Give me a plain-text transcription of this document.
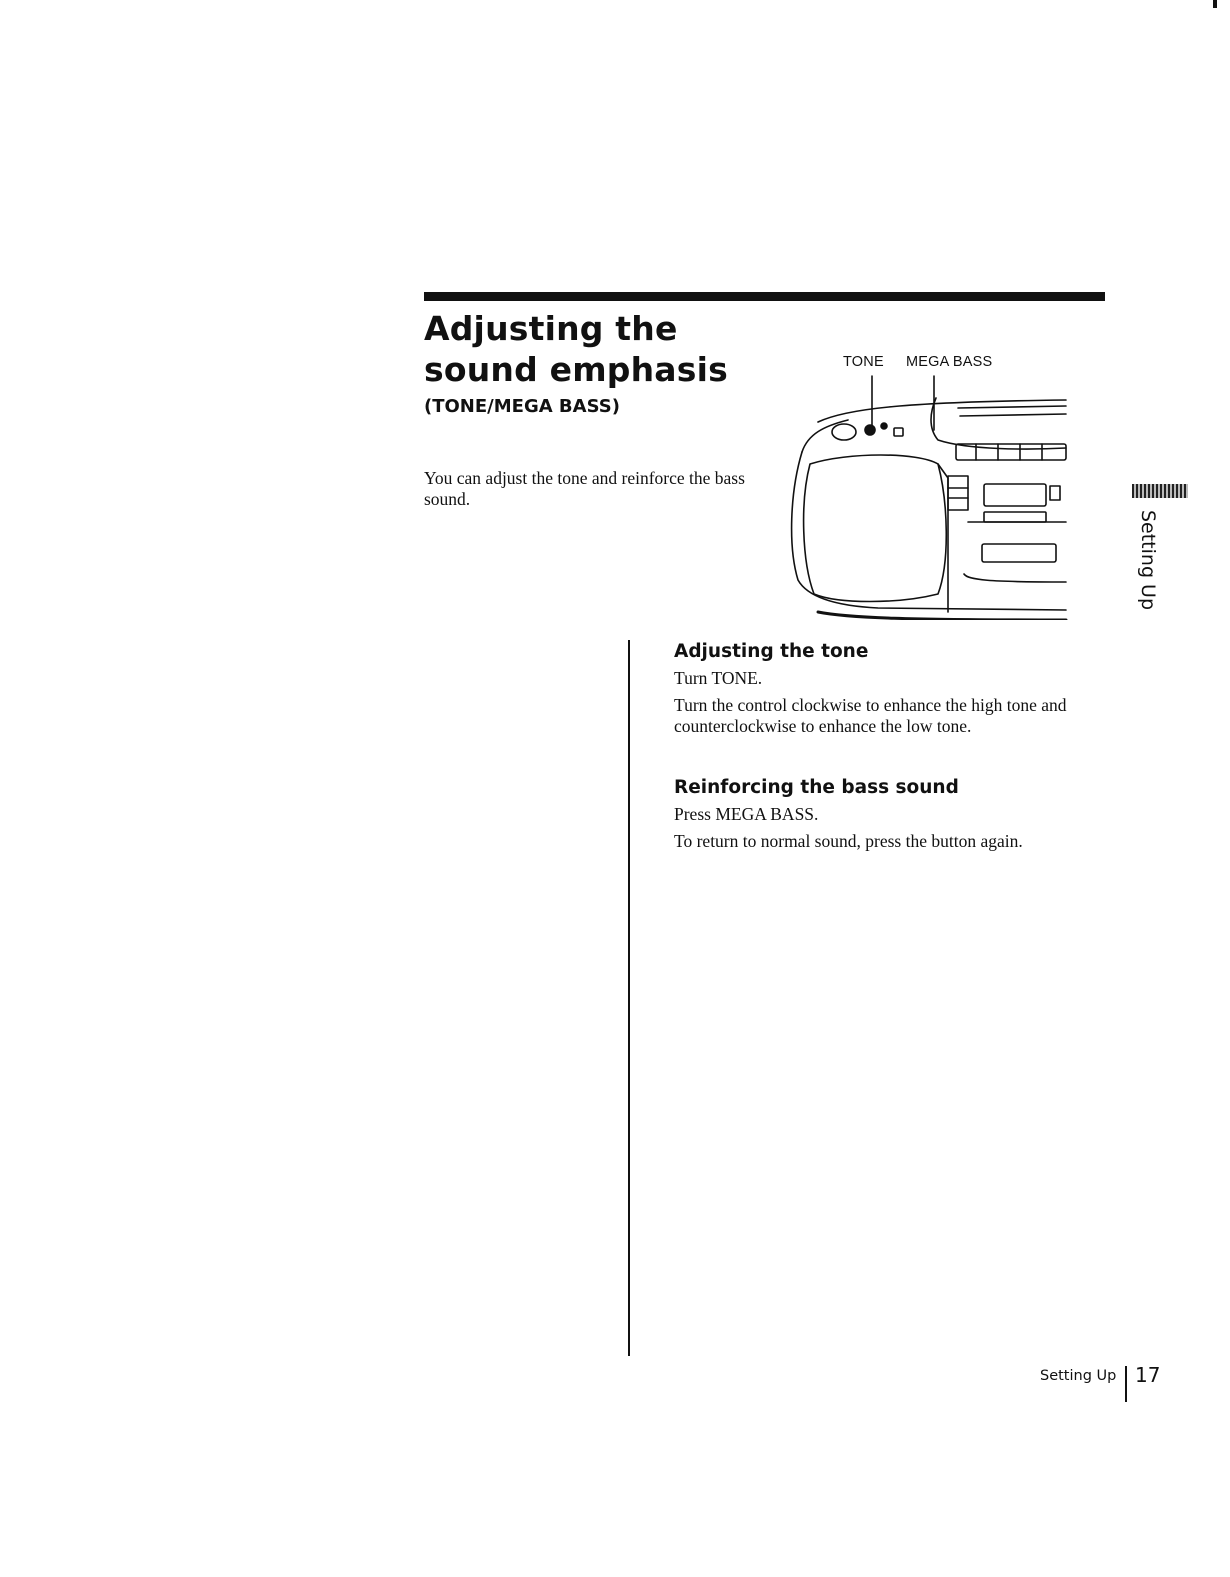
Adjusting the
sound emphasis
(TONE/MEGA BASS)

You can adjust the tone and reinforce the bass sound.

TONE MEGA BASS
Adjusting the tone

Turn TONE.

Turn the control clockwise to enhance the high tone and counterclockwise to enhance the low tone.

Reinforcing the bass sound

Press MEGA BASS.

To return to normal sound, press the button again.

Setting Up
Setting Up 17
